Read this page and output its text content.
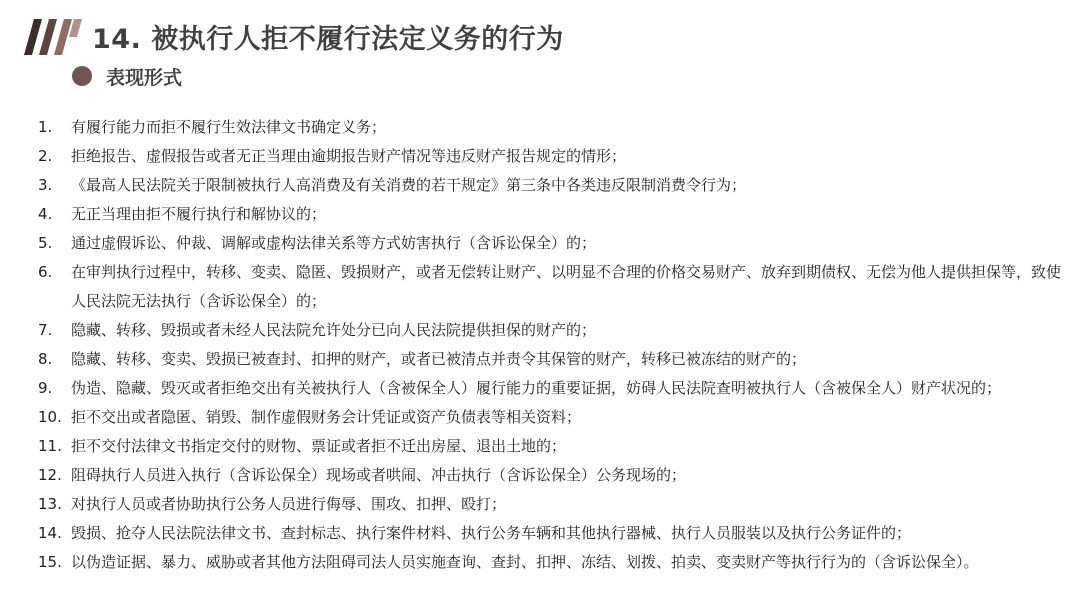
14. 被执行人拒不履行法定义务的行为
表现形式
1.	有履行能力而拒不履行生效法律文书确定义务；
2.	拒绝报告、虚假报告或者无正当理由逾期报告财产情况等违反财产报告规定的情形；
3.	《最高人民法院关于限制被执行人高消费及有关消费的若干规定》第三条中各类违反限制消费令行为；
4.	无正当理由拒不履行执行和解协议的；
5.	通过虚假诉讼、仲裁、调解或虚构法律关系等方式妨害执行（含诉讼保全）的；
6.	在审判执行过程中，转移、变卖、隐匿、毁损财产，或者无偿转让财产、以明显不合理的价格交易财产、放弃到期债权、无偿为他人提供担保等，致使人民法院无法执行（含诉讼保全）的；
7.	隐藏、转移、毁损或者未经人民法院允许处分已向人民法院提供担保的财产的；
8.	隐藏、转移、变卖、毁损已被查封、扣押的财产，或者已被清点并责令其保管的财产，转移已被冻结的财产的；
9.	伪造、隐藏、毁灭或者拒绝交出有关被执行人（含被保全人）履行能力的重要证据，妨碍人民法院查明被执行人（含被保全人）财产状况的；
10. 拒不交出或者隐匿、销毁、制作虚假财务会计凭证或资产负债表等相关资料；
11. 拒不交付法律文书指定交付的财物、票证或者拒不迁出房屋、退出土地的；
12. 阻碍执行人员进入执行（含诉讼保全）现场或者哄闹、冲击执行（含诉讼保全）公务现场的；
13. 对执行人员或者协助执行公务人员进行侮辱、围攻、扣押、殴打；
14. 毁损、抢夺人民法院法律文书、查封标志、执行案件材料、执行公务车辆和其他执行器械、执行人员服装以及执行公务证件的；
15. 以伪造证据、暴力、威胁或者其他方法阻碍司法人员实施查询、查封、扣押、冻结、划拨、拍卖、变卖财产等执行行为的（含诉讼保全）。
